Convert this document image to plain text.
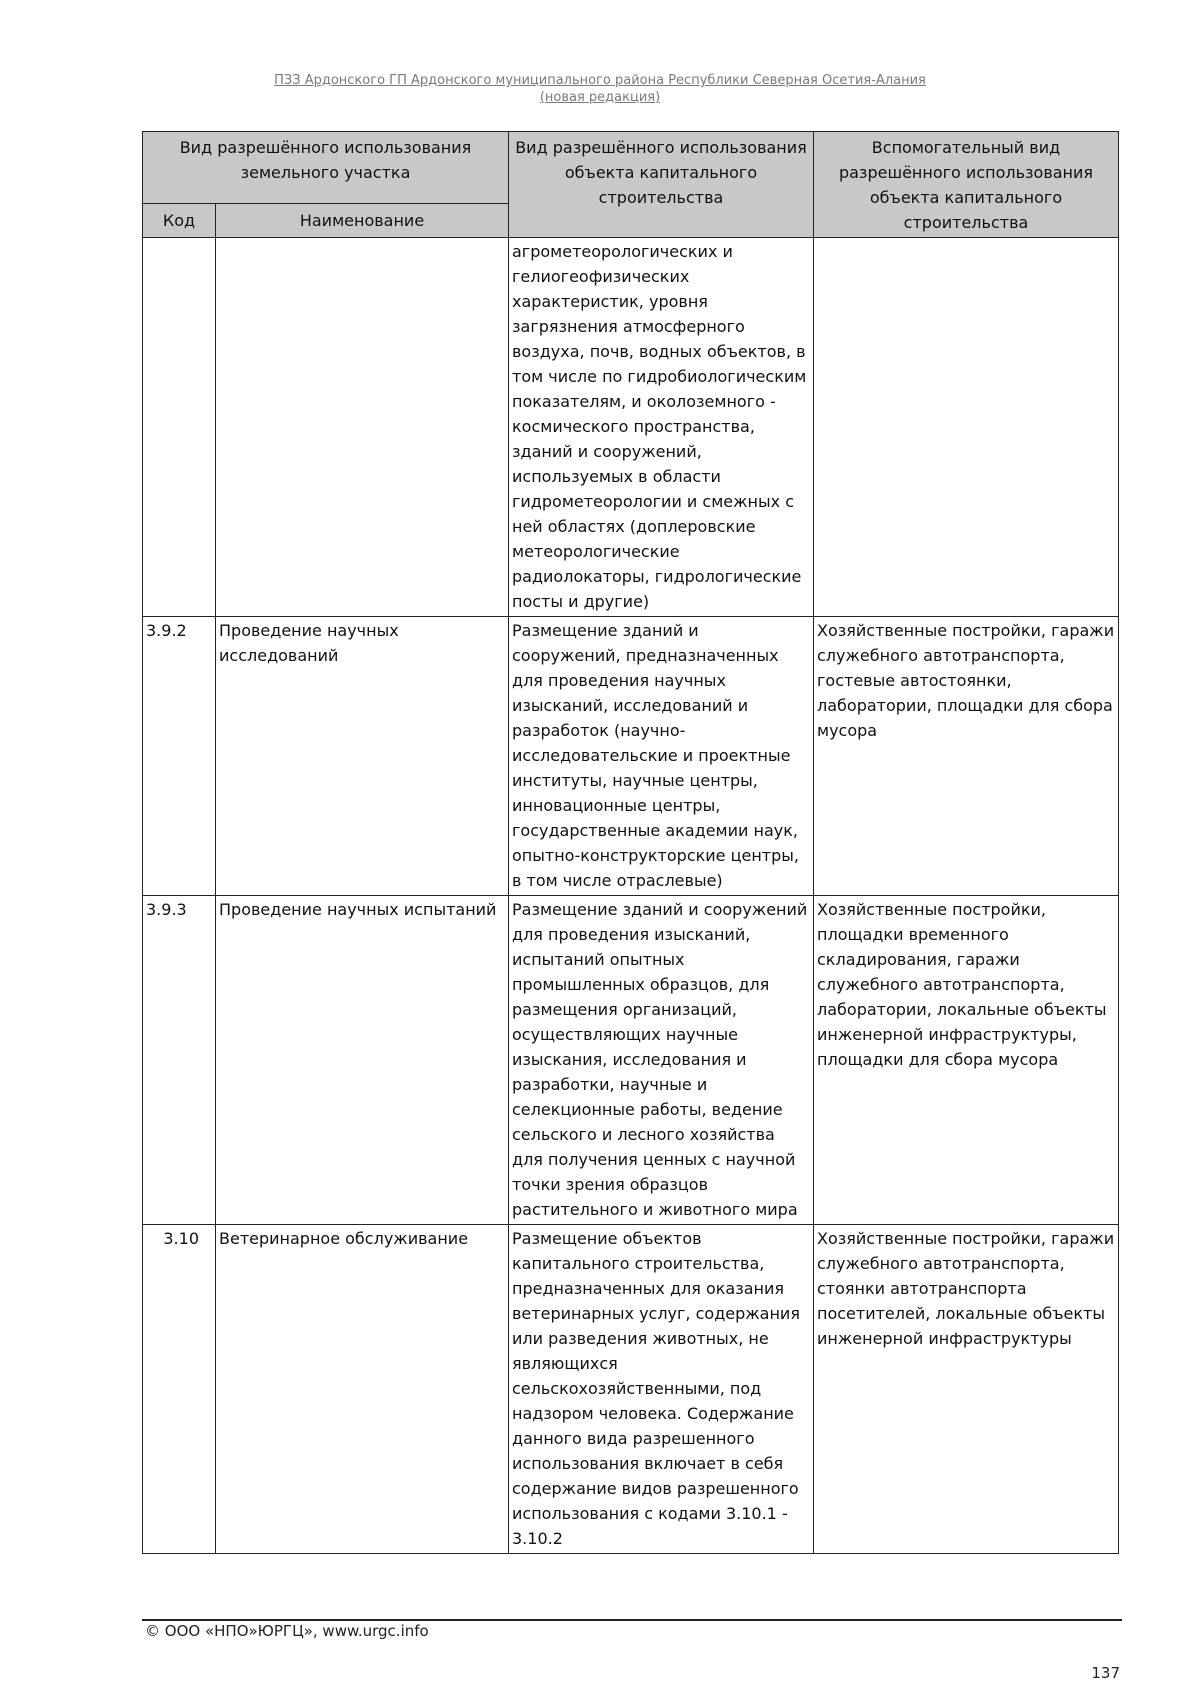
ПЗЗ Ардонского ГП Ардонского муниципального района Республики Северная Осетия-Алания
(новая редакция)
Вид разрешённого использования земельного участка		Вид разрешённого использования объекта капитального строительства	Вспомогательный вид разрешённого использования объекта капитального строительства
Код	Наименование		
		агрометеорологических и гелиогеофизических характеристик, уровня загрязнения атмосферного воздуха, почв, водных объектов, в том числе по гидробиологическим показателям, и околоземного - космического пространства, зданий и сооружений, используемых в области гидрометеорологии и смежных с ней областях (доплеровские метеорологические радиолокаторы, гидрологические посты и другие)	
3.9.2	Проведение научных исследований	Размещение зданий и сооружений, предназначенных для проведения научных изысканий, исследований и разработок (научно-исследовательские и проектные институты, научные центры, инновационные центры, государственные академии наук, опытно-конструкторские центры, в том числе отраслевые)	Хозяйственные постройки, гаражи служебного автотранспорта, гостевые автостоянки, лаборатории, площадки для сбора мусора
3.9.3	Проведение научных испытаний	Размещение зданий и сооружений для проведения изысканий, испытаний опытных промышленных образцов, для размещения организаций, осуществляющих научные изыскания, исследования и разработки, научные и селекционные работы, ведение сельского и лесного хозяйства для получения ценных с научной точки зрения образцов растительного и животного мира	Хозяйственные постройки, площадки временного складирования, гаражи служебного автотранспорта, лаборатории, локальные объекты инженерной инфраструктуры, площадки для сбора мусора
3.10	Ветеринарное обслуживание	Размещение объектов капитального строительства, предназначенных для оказания ветеринарных услуг, содержания или разведения животных, не являющихся сельскохозяйственными, под надзором человека. Содержание данного вида разрешенного использования включает в себя содержание видов разрешенного использования с кодами 3.10.1 - 3.10.2	Хозяйственные постройки, гаражи служебного автотранспорта, стоянки автотранспорта посетителей, локальные объекты инженерной инфраструктуры
© ООО «НПО»ЮРГЦ», www.urgc.info
137
